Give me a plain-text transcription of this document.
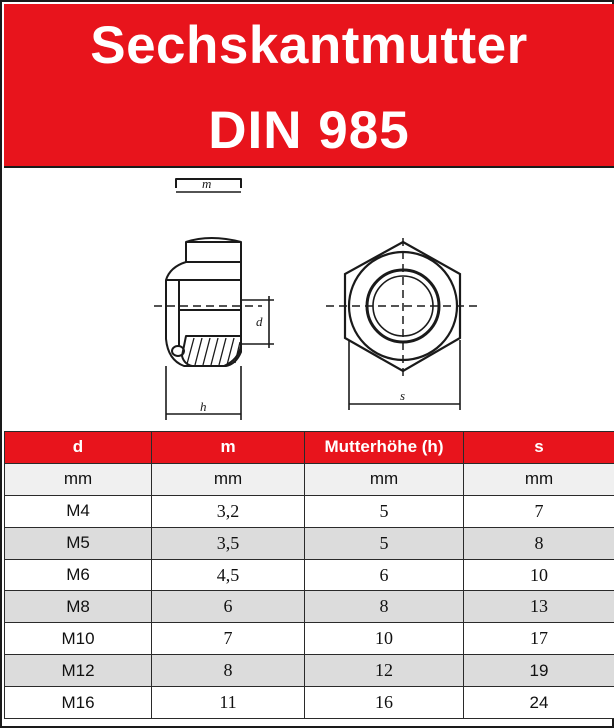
Sechskantmutter
DIN 985
m
h
d
s
d	m	Mutterhöhe (h)	s
mm	mm	mm	mm
M4	3,2	5	7
M5	3,5	5	8
M6	4,5	6	10
M8	6	8	13
M10	7	10	17
M12	8	12	19
M16	11	16	24
